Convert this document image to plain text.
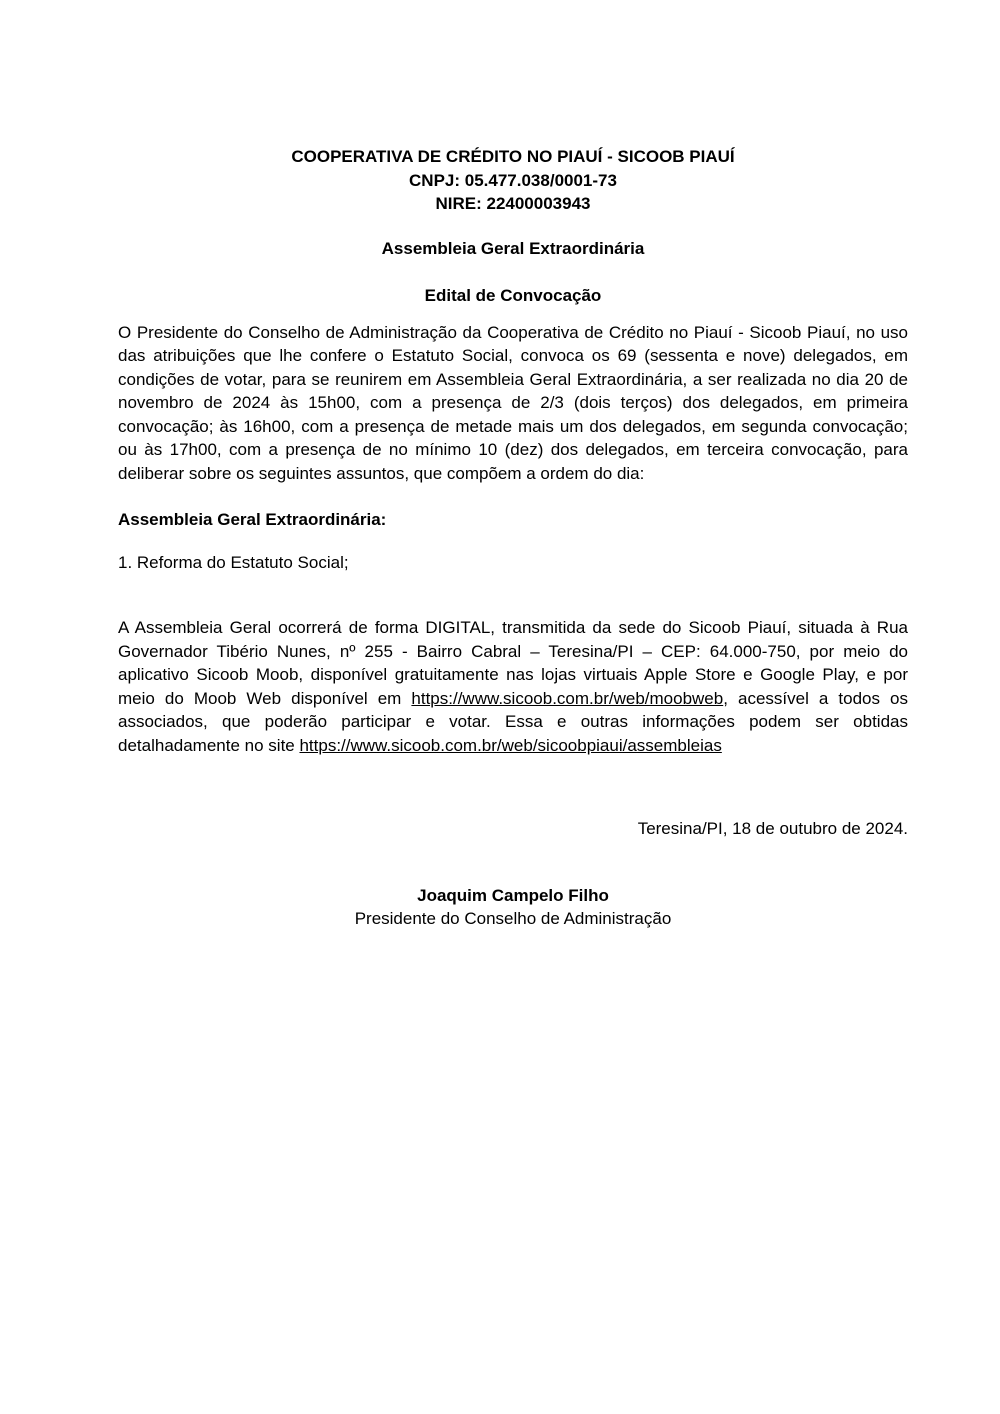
COOPERATIVA DE CRÉDITO NO PIAUÍ - SICOOB PIAUÍ
CNPJ: 05.477.038/0001-73
NIRE: 22400003943
Assembleia Geral Extraordinária
Edital de Convocação

O Presidente do Conselho de Administração da Cooperativa de Crédito no Piauí - Sicoob Piauí, no uso das atribuições que lhe confere o Estatuto Social, convoca os 69 (sessenta e nove) delegados, em condições de votar, para se reunirem em Assembleia Geral Extraordinária, a ser realizada no dia 20 de novembro de 2024 às 15h00, com a presença de 2/3 (dois terços) dos delegados, em primeira convocação; às 16h00, com a presença de metade mais um dos delegados, em segunda convocação; ou às 17h00, com a presença de no mínimo 10 (dez) dos delegados, em terceira convocação, para deliberar sobre os seguintes assuntos, que compõem a ordem do dia:

Assembleia Geral Extraordinária:
1. Reforma do Estatuto Social;

A Assembleia Geral ocorrerá de forma DIGITAL, transmitida da sede do Sicoob Piauí, situada à Rua Governador Tibério Nunes, nº 255 - Bairro Cabral – Teresina/PI – CEP: 64.000-750, por meio do aplicativo Sicoob Moob, disponível gratuitamente nas lojas virtuais Apple Store e Google Play, e por meio do Moob Web disponível em https://www.sicoob.com.br/web/moobweb, acessível a todos os associados, que poderão participar e votar. Essa e outras informações podem ser obtidas detalhadamente no site https://www.sicoob.com.br/web/sicoobpiaui/assembleias

Teresina/PI, 18 de outubro de 2024.
Joaquim Campelo Filho
Presidente do Conselho de Administração
